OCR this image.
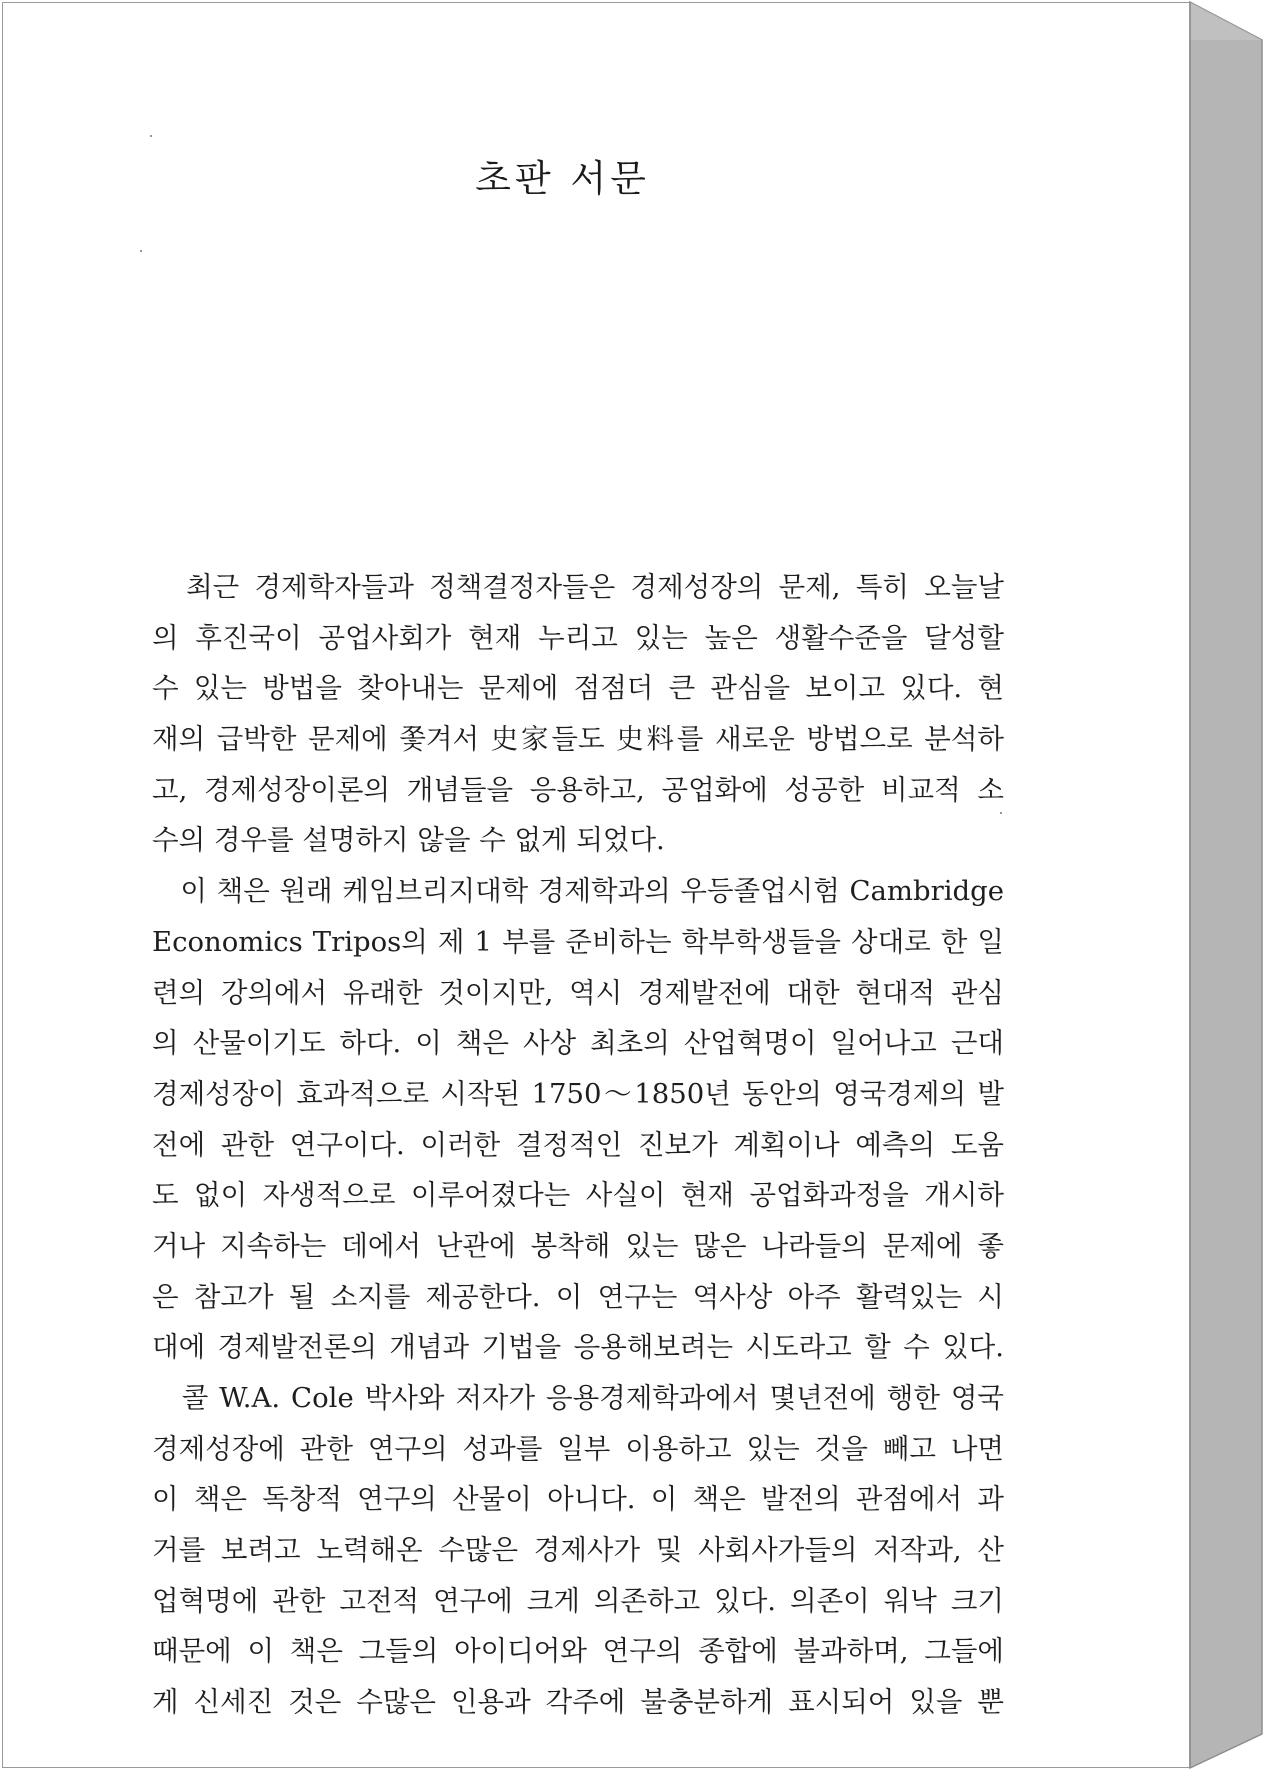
초판 서문
　최근 경제학자들과 정책결정자들은 경제성장의 문제, 특히 오늘날
의 후진국이 공업사회가 현재 누리고 있는 높은 생활수준을 달성할
수 있는 방법을 찾아내는 문제에 점점더 큰 관심을 보이고 있다. 현
재의 급박한 문제에 쫓겨서 史家들도 史料를 새로운 방법으로 분석하
고, 경제성장이론의 개념들을 응용하고, 공업화에 성공한 비교적 소
수의 경우를 설명하지 않을 수 없게 되었다.
　이 책은 원래 케임브리지대학 경제학과의 우등졸업시험 Cambridge
Economics Tripos의 제 1 부를 준비하는 학부학생들을 상대로 한 일
련의 강의에서 유래한 것이지만, 역시 경제발전에 대한 현대적 관심
의 산물이기도 하다. 이 책은 사상 최초의 산업혁명이 일어나고 근대
경제성장이 효과적으로 시작된 1750～1850년 동안의 영국경제의 발
전에 관한 연구이다. 이러한 결정적인 진보가 계획이나 예측의 도움
도 없이 자생적으로 이루어졌다는 사실이 현재 공업화과정을 개시하
거나 지속하는 데에서 난관에 봉착해 있는 많은 나라들의 문제에 좋
은 참고가 될 소지를 제공한다. 이 연구는 역사상 아주 활력있는 시
대에 경제발전론의 개념과 기법을 응용해보려는 시도라고 할 수 있다.
　콜 W.A. Cole 박사와 저자가 응용경제학과에서 몇년전에 행한 영국
경제성장에 관한 연구의 성과를 일부 이용하고 있는 것을 빼고 나면
이 책은 독창적 연구의 산물이 아니다. 이 책은 발전의 관점에서 과
거를 보려고 노력해온 수많은 경제사가 및 사회사가들의 저작과, 산
업혁명에 관한 고전적 연구에 크게 의존하고 있다. 의존이 워낙 크기
때문에 이 책은 그들의 아이디어와 연구의 종합에 불과하며, 그들에
게 신세진 것은 수많은 인용과 각주에 불충분하게 표시되어 있을 뿐
